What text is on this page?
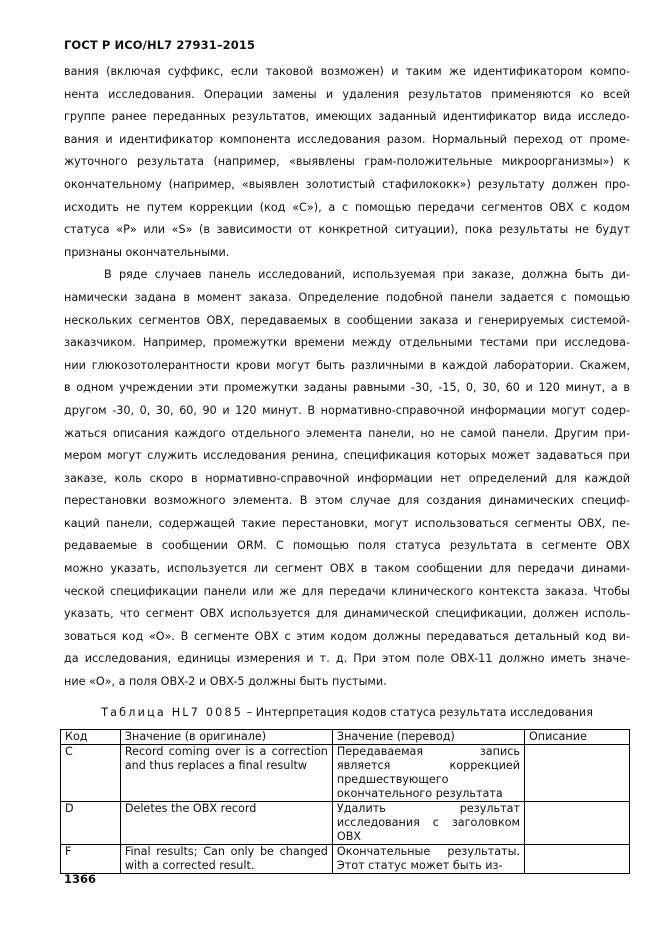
ГОСТ Р ИСО/HL7 27931–2015
вания (включая суффикс, если таковой возможен) и таким же идентификатором компо-
нента исследования. Операции замены и удаления результатов применяются ко всей
группе ранее переданных результатов, имеющих заданный идентификатор вида исследо-
вания и идентификатор компонента исследования разом. Нормальный переход от проме-
жуточного результата (например, «выявлены грам-положительные микроорганизмы») к
окончательному (например, «выявлен золотистый стафилококк») результату должен про-
исходить не путем коррекции (код «С»), а с помощью передачи сегментов OBX с кодом
статуса «Р» или «S» (в зависимости от конкретной ситуации), пока результаты не будут
признаны окончательными.
В ряде случаев панель исследований, используемая при заказе, должна быть ди-
намически задана в момент заказа. Определение подобной панели задается с помощью
нескольких сегментов OBX, передаваемых в сообщении заказа и генерируемых системой-
заказчиком. Например, промежутки времени между отдельными тестами при исследова-
нии глюкозотолерантности крови могут быть различными в каждой лаборатории. Скажем,
в одном учреждении эти промежутки заданы равными -30, -15, 0, 30, 60 и 120 минут, а в
другом -30, 0, 30, 60, 90 и 120 минут. В нормативно-справочной информации могут содер-
жаться описания каждого отдельного элемента панели, но не самой панели. Другим при-
мером могут служить исследования ренина, спецификация которых может задаваться при
заказе, коль скоро в нормативно-справочной информации нет определений для каждой
перестановки возможного элемента. В этом случае для создания динамических специф-
каций панели, содержащей такие перестановки, могут использоваться сегменты OBX, пе-
редаваемые в сообщении ORM. С помощью поля статуса результата в сегменте OBX
можно указать, используется ли сегмент OBX в таком сообщении для передачи динами-
ческой спецификации панели или же для передачи клинического контекста заказа. Чтобы
указать, что сегмент OBX используется для динамической спецификации, должен исполь-
зоваться код «О». В сегменте OBX с этим кодом должны передаваться детальный код ви-
да исследования, единицы измерения и т. д. При этом поле OBX-11 должно иметь значе-
ние «О», а поля OBX-2 и OBX-5 должны быть пустыми.
Таблица HL7 0085 – Интерпретация кодов статуса результата исследования
Код	Значение (в оригинале)	Значение (перевод)	Описание
C	Record coming over is a correction and thus replaces a final resultw	Передаваемая запись является коррекцией предшествующего окончательного результата	
D	Deletes the OBX record	Удалить результат исследования с заголовком OBX	
F	Final results; Can only be changed with a corrected result.	Окончательные результаты. Этот статус может быть из-	
1366
